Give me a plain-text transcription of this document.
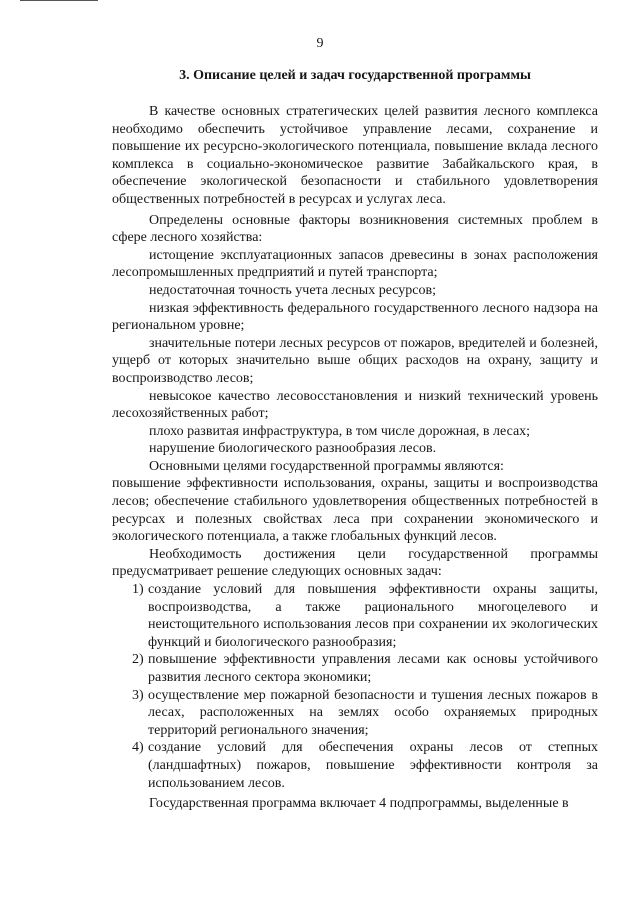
9
3. Описание целей и задач государственной программы

В качестве основных стратегических целей развития лесного комплекса необходимо обеспечить устойчивое управление лесами, сохранение и повышение их ресурсно-экологического потенциала, повышение вклада лесного комплекса в социально-экономическое развитие Забайкальского края, в обеспечение экологической безопасности и стабильного удовлетворения общественных потребностей в ресурсах и услугах леса.

Определены основные факторы возникновения системных проблем в сфере лесного хозяйства:

истощение эксплуатационных запасов древесины в зонах расположения лесопромышленных предприятий и путей транспорта;

недостаточная точность учета лесных ресурсов;

низкая эффективность федерального государственного лесного надзора на региональном уровне;

значительные потери лесных ресурсов от пожаров, вредителей и болезней, ущерб от которых значительно выше общих расходов на охрану, защиту и воспроизводство лесов;

невысокое качество лесовосстановления и низкий технический уровень лесохозяйственных работ;

плохо развитая инфраструктура, в том числе дорожная, в лесах;

нарушение биологического разнообразия лесов.

Основными целями государственной программы являются:

повышение эффективности использования, охраны, защиты и воспроизводства лесов; обеспечение стабильного удовлетворения общественных потребностей в ресурсах и полезных свойствах леса при сохранении экономического и экологического потенциала, а также глобальных функций лесов.

Необходимость достижения цели государственной программы предусматривает решение следующих основных задач:

1) создание условий для повышения эффективности охраны защиты, воспроизводства, а также рационального многоцелевого и неистощительного использования лесов при сохранении их экологических функций и биологического разнообразия;
2) повышение эффективности управления лесами как основы устойчивого развития лесного сектора экономики;
3) осуществление мер пожарной безопасности и тушения лесных пожаров в лесах, расположенных на землях особо охраняемых природных территорий регионального значения;
4) создание условий для обеспечения охраны лесов от степных (ландшафтных) пожаров, повышение эффективности контроля за использованием лесов.

Государственная программа включает 4 подпрограммы, выделенные в
